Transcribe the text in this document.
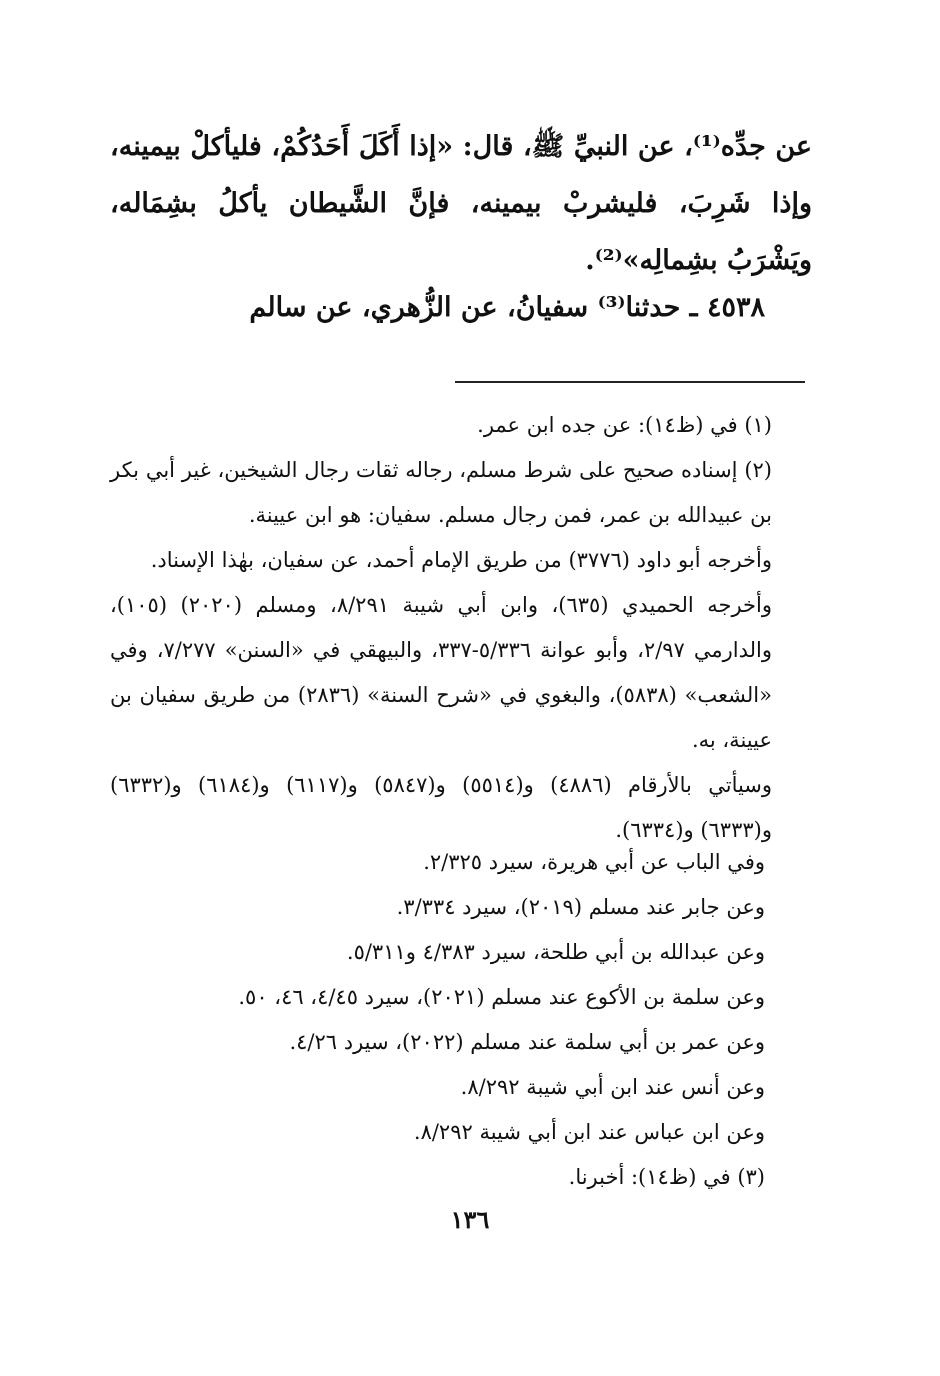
عن جدِّه⁽¹⁾، عن النبيِّ ﷺ، قال: «إذا أَكَلَ أَحَدُكُمْ، فليأكلْ بيمينه، وإذا شَرِبَ، فليشربْ بيمينه، فإنَّ الشَّيطان يأكلُ بشِمَاله، ويَشْرَبُ بشِمالِه»⁽²⁾.

٤٥٣٨ ـ حدثنا⁽³⁾ سفيانُ، عن الزُّهري، عن سالم

(١) في (ظ١٤): عن جده ابن عمر.

(٢) إسناده صحيح على شرط مسلم، رجاله ثقات رجال الشيخين، غير أبي بكر بن عبيدالله بن عمر، فمن رجال مسلم. سفيان: هو ابن عيينة.

وأخرجه أبو داود (٣٧٧٦) من طريق الإمام أحمد، عن سفيان، بهٰذا الإسناد.

وأخرجه الحميدي (٦٣٥)، وابن أبي شيبة ٨/٢٩١، ومسلم (٢٠٢٠) (١٠٥)، والدارمي ٢/٩٧، وأبو عوانة ٥/٣٣٦-٣٣٧، والبيهقي في «السنن» ٧/٢٧٧، وفي «الشعب» (٥٨٣٨)، والبغوي في «شرح السنة» (٢٨٣٦) من طريق سفيان بن عيينة، به.

وسيأتي بالأرقام (٤٨٨٦) و(٥٥١٤) و(٥٨٤٧) و(٦١١٧) و(٦١٨٤) و(٦٣٣٢) و(٦٣٣٣) و(٦٣٣٤).

وفي الباب عن أبي هريرة، سيرد ٢/٣٢٥.

وعن جابر عند مسلم (٢٠١٩)، سيرد ٣/٣٣٤.

وعن عبدالله بن أبي طلحة، سيرد ٤/٣٨٣ و٥/٣١١.

وعن سلمة بن الأكوع عند مسلم (٢٠٢١)، سيرد ٤/٤٥، ٤٦، ٥٠.

وعن عمر بن أبي سلمة عند مسلم (٢٠٢٢)، سيرد ٤/٢٦.

وعن أنس عند ابن أبي شيبة ٨/٢٩٢.

وعن ابن عباس عند ابن أبي شيبة ٨/٢٩٢.

(٣) في (ظ١٤): أخبرنا.

١٣٦
